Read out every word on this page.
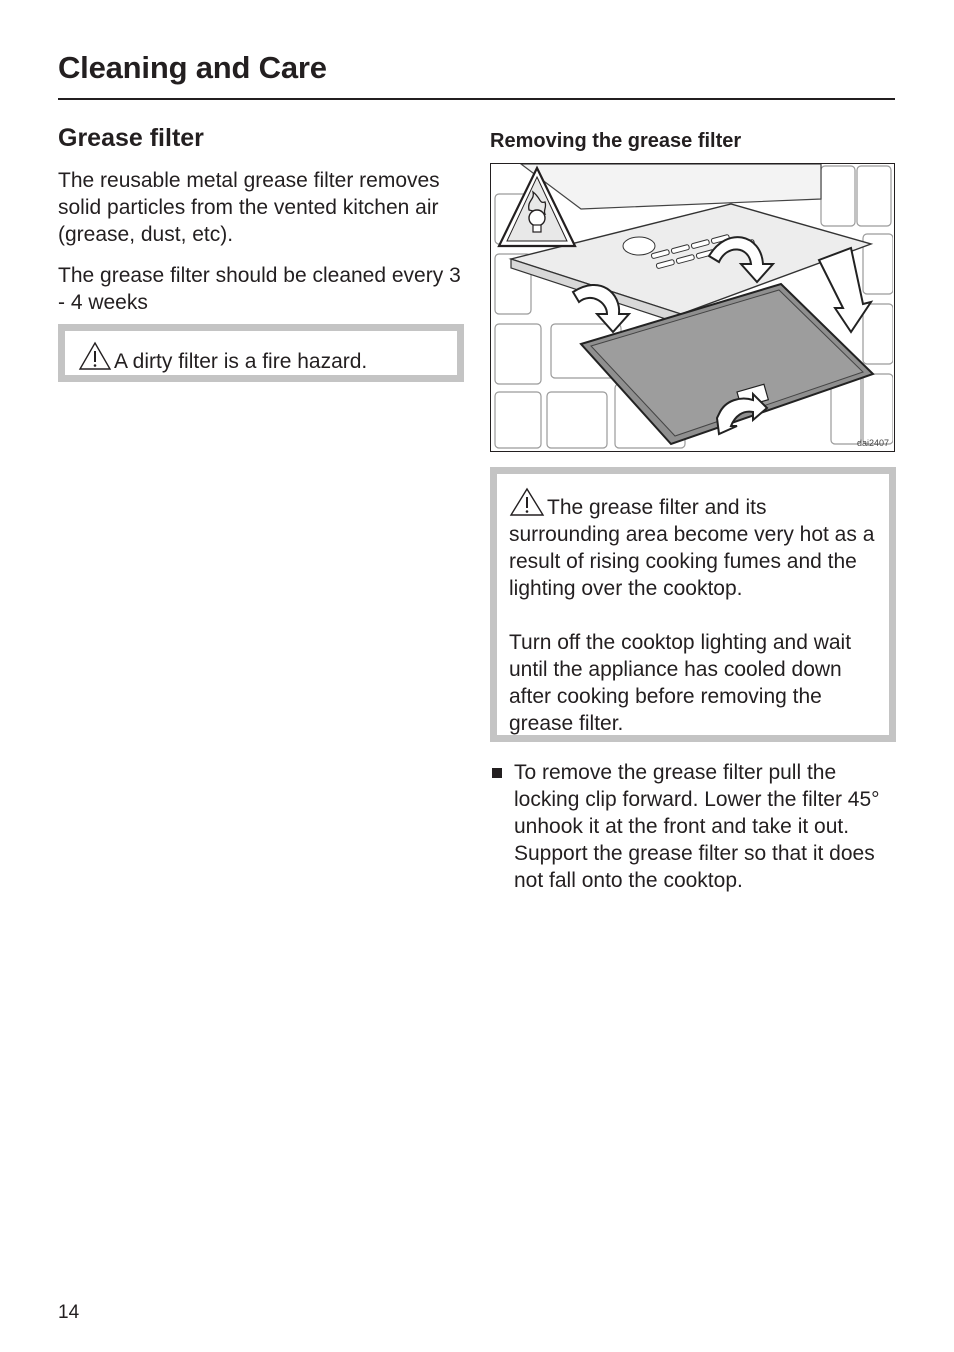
Cleaning and Care
Grease filter

The reusable metal grease filter removes solid particles from the vented kitchen air (grease, dust, etc).

The grease filter should be cleaned every 3 - 4 weeks

A dirty filter is a fire hazard.
Removing the grease filter
dai2407
The grease filter and its surrounding area become very hot as a result of rising cooking fumes and the lighting over the cooktop.
Turn off the cooktop lighting and wait until the appliance has cooled down after cooking before removing the grease filter.
To remove the grease filter pull the locking clip forward. Lower the filter 45° unhook it at the front and take it out. Support the grease filter so that it does not fall onto the cooktop.
14
